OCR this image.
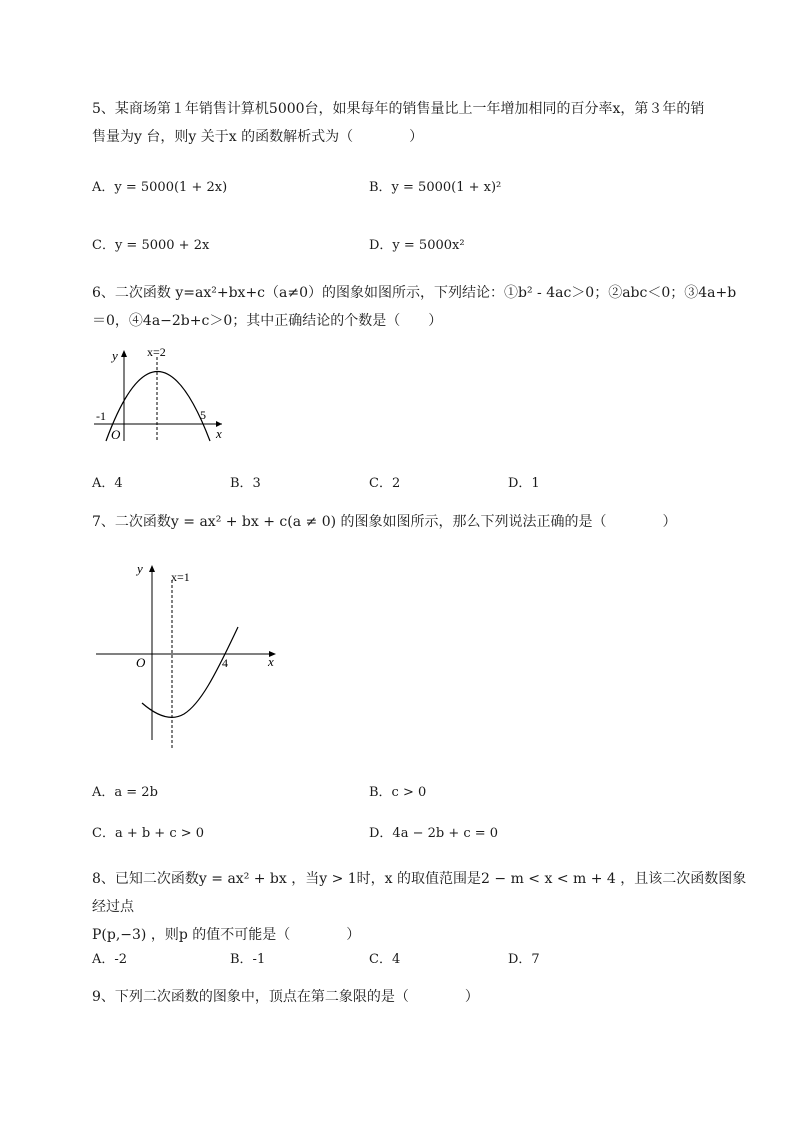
5、某商场第１年销售计算机5000台，如果每年的销售量比上一年增加相同的百分率x，第３年的销
售量为y 台，则y 关于x 的函数解析式为（　　　　）
A．y = 5000(1 + 2x)	B．y = 5000(1 + x)²
C．y = 5000 + 2x	D．y = 5000x²
6、二次函数 y=ax²+bx+c（a≠0）的图象如图所示，下列结论：①b² - 4ac＞0；②abc＜0；③4a+b
＝0，④4a−2b+c＞0；其中正确结论的个数是（　　）
y x=2
-1	5
O	x
A．4	B．3	C．2	D．1
7、二次函数y = ax² + bx + c(a ≠ 0) 的图象如图所示，那么下列说法正确的是（　　　　）
y
x=1
O	4	x
A．a = 2b	B．c > 0
C．a + b + c > 0	D．4a − 2b + c = 0
8、已知二次函数y = ax² + bx ，当y > 1时，x 的取值范围是2 − m < x < m + 4 ，且该二次函数图象经过点
P(p,−3) ，则p 的值不可能是（　　　　）
A．-2	B．-1	C．4	D．7
9、下列二次函数的图象中，顶点在第二象限的是（　　　　）
